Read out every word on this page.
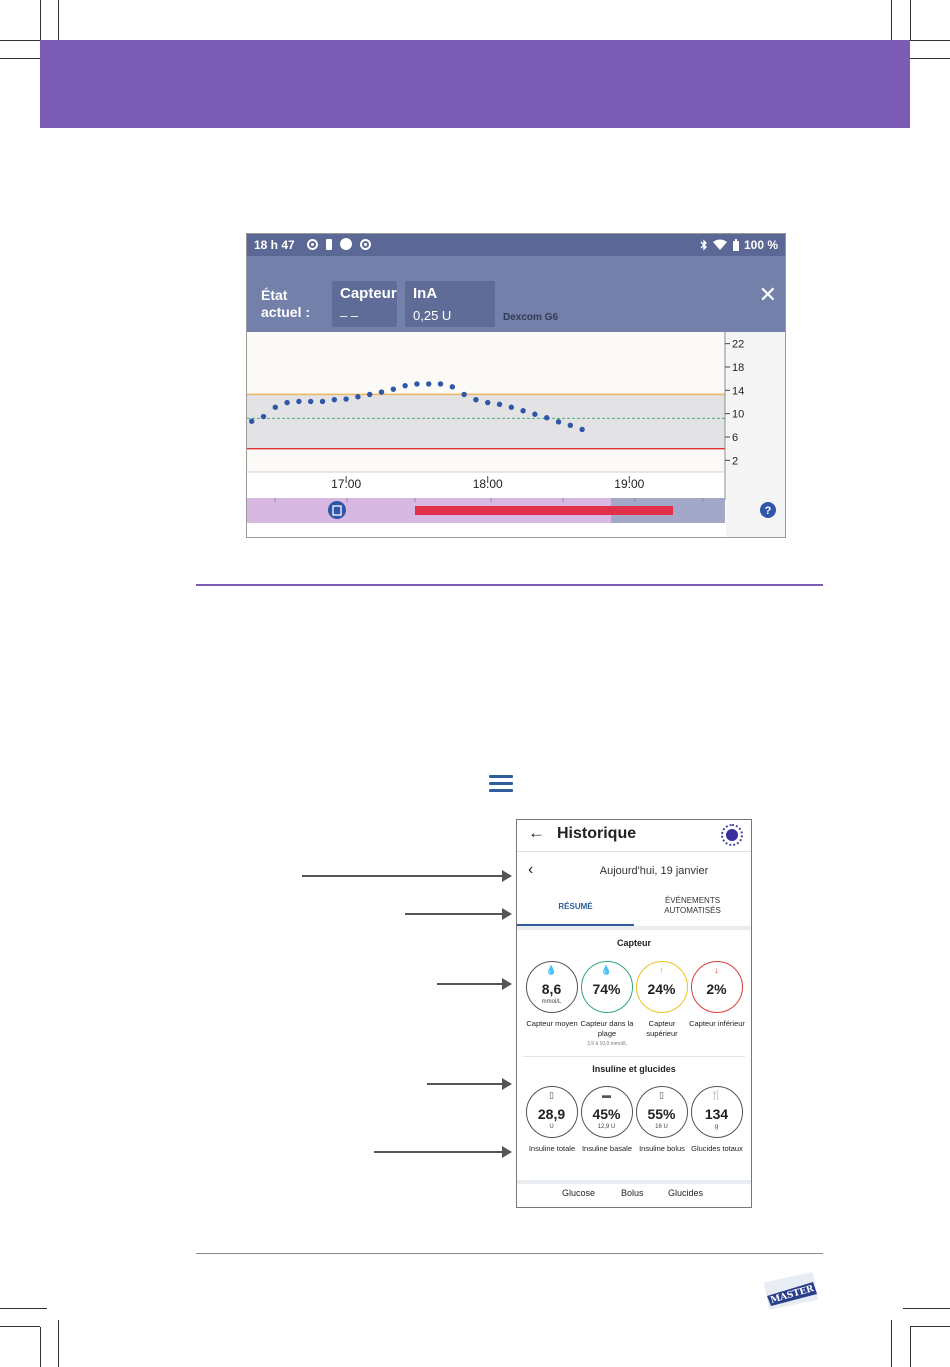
18 h 47	100 %
État actuel :
Capteur
– –
InA
0,25 U	Dexcom G6
✕
22
18
14
10
6
2
17:00	18:00	19:00
?
← Historique
‹	Aujourd'hui, 19 janvier
RÉSUMÉ
ÉVÉNEMENTS AUTOMATISÉS
Capteur
💧
8,6
mmol/L
Capteur moyen
💧
74%
Capteur dans la plage
3,9 à 10,0 mmol/L
↑
24%
Capteur supérieur
↓
2%
Capteur inférieur
Insuline et glucides
▯
28,9
U
Insuline totale
▬
45%
12,9 U
Insuline basale
▯
55%
16 U
Insuline bolus
🍴
134
g
Glucides totaux
Glucose	Bolus	Glucides
MASTER
